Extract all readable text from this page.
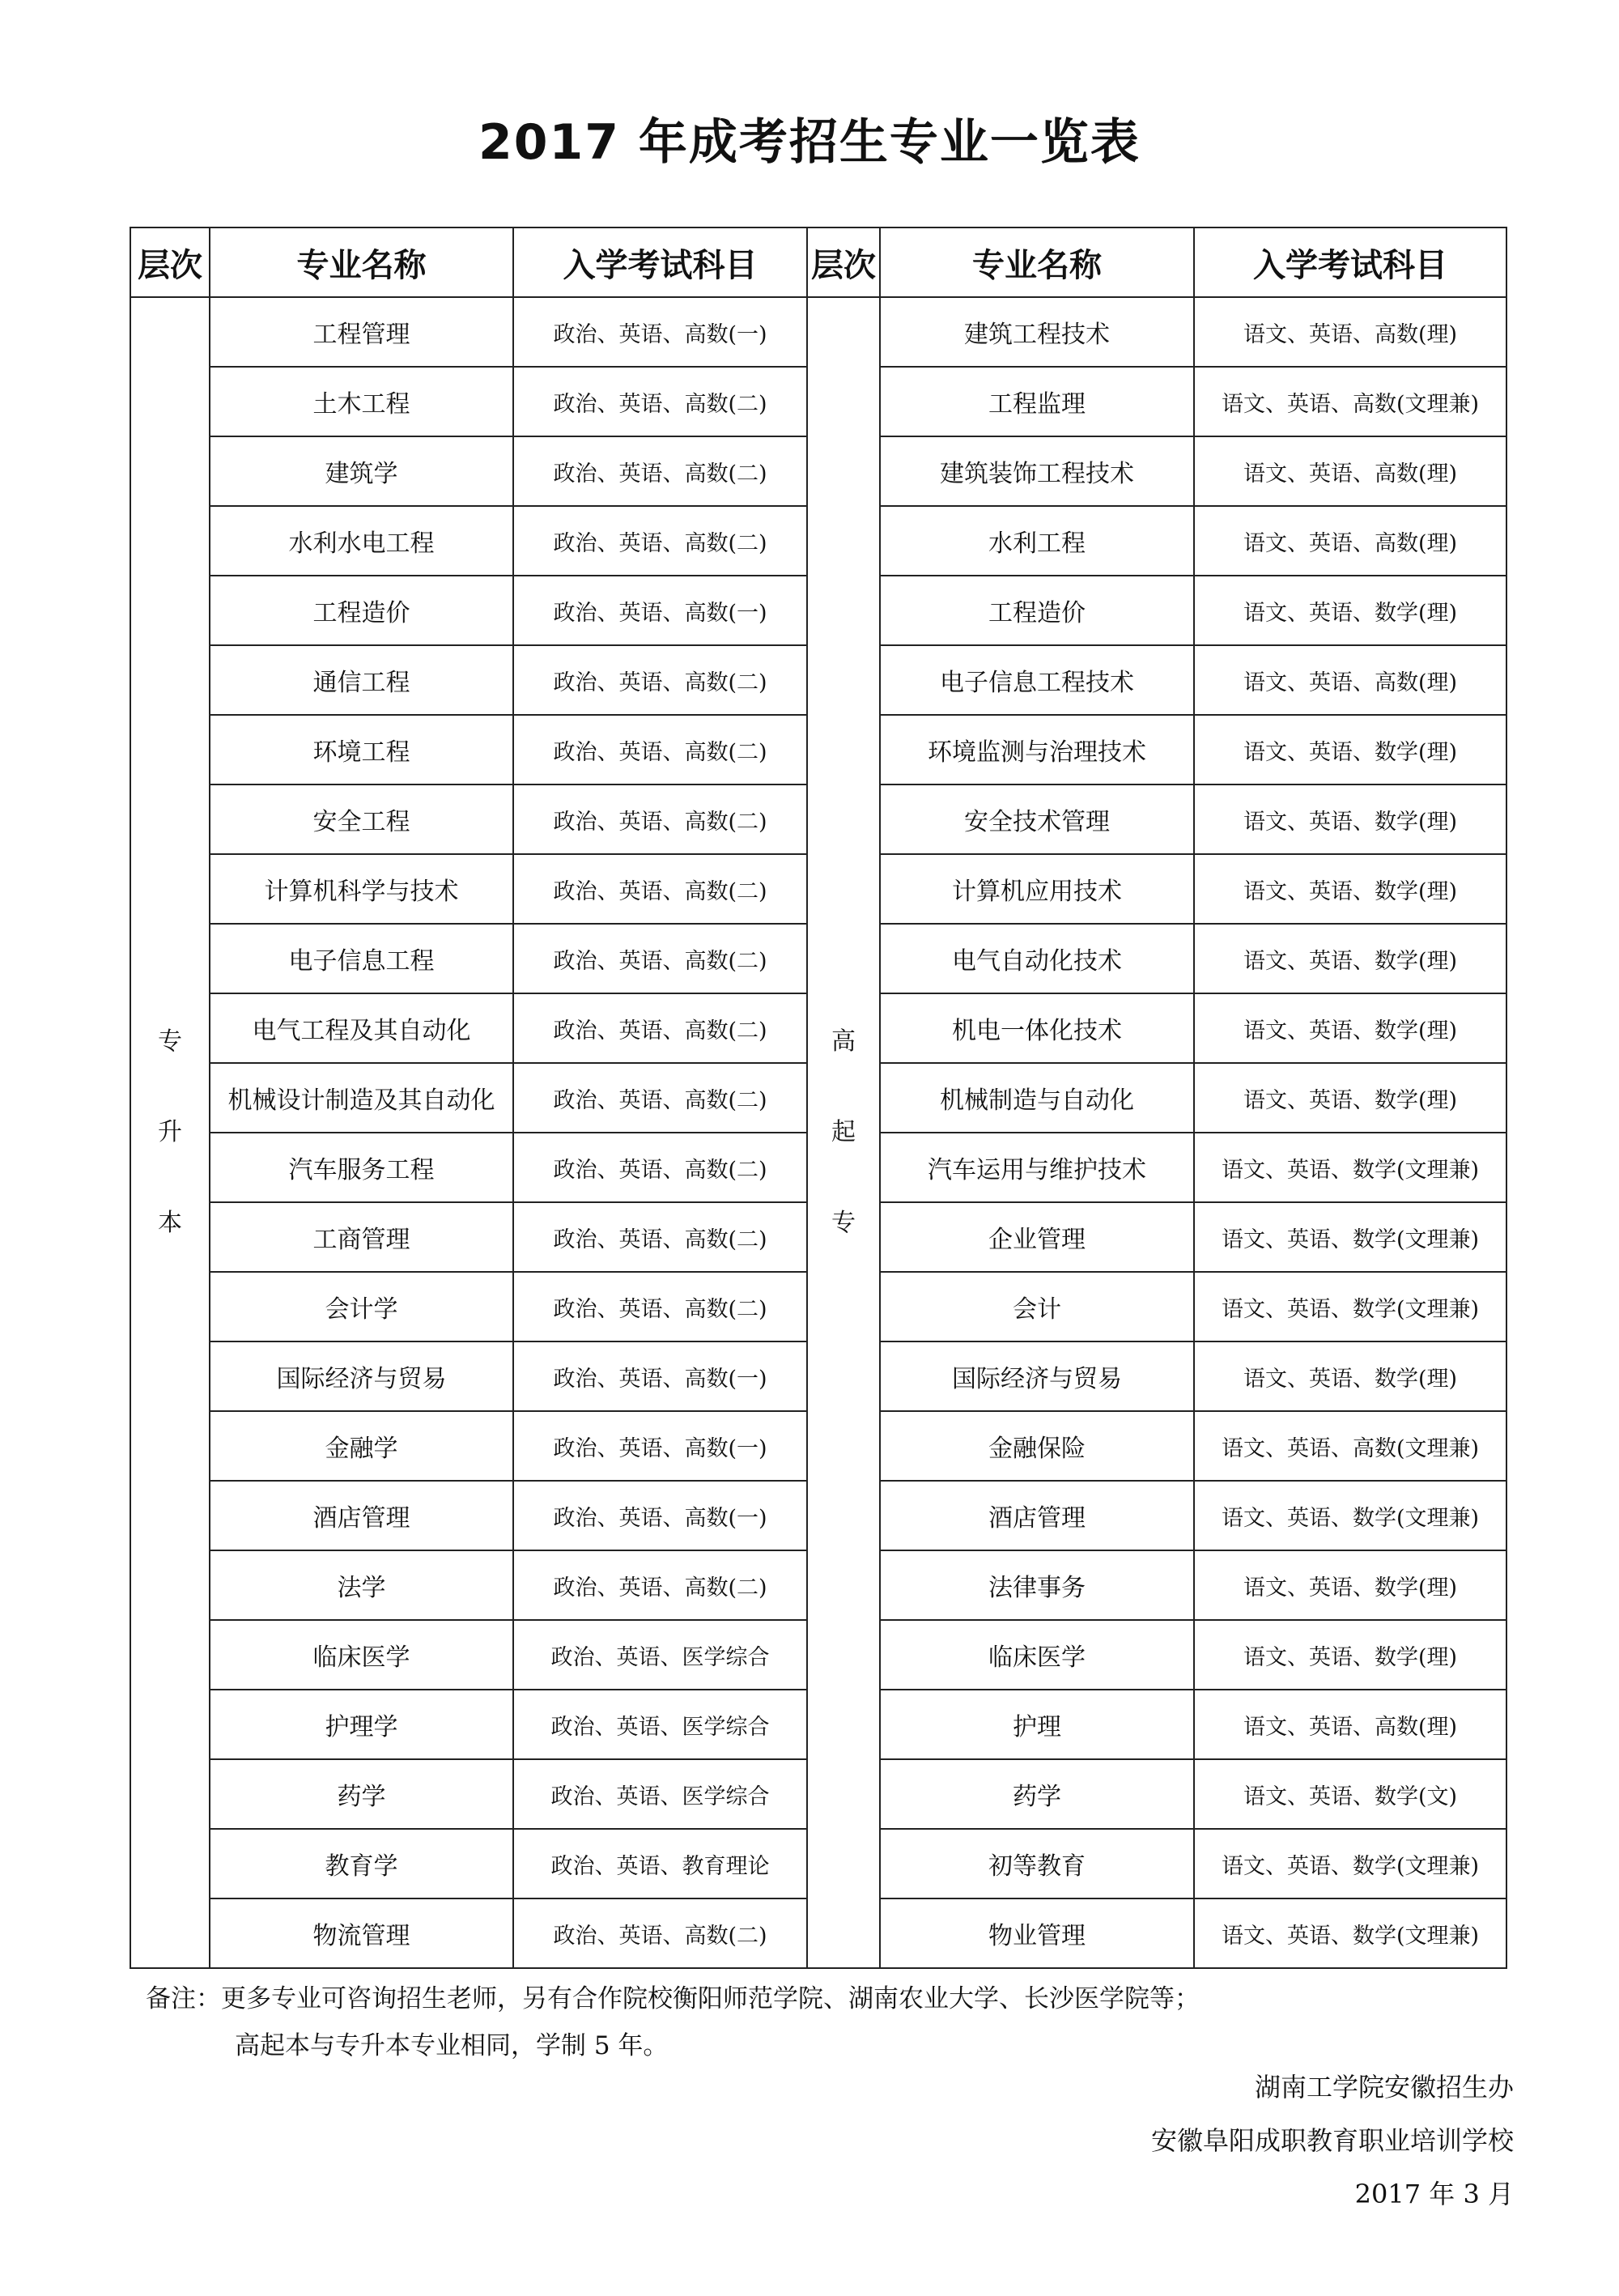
2017 年成考招生专业一览表
层次	专业名称	入学考试科目	层次	专业名称	入学考试科目
专升本	工程管理	政治、英语、高数(一)	高起专	建筑工程技术	语文、英语、高数(理)
	土木工程	政治、英语、高数(二)		工程监理	语文、英语、高数(文理兼)
	建筑学	政治、英语、高数(二)		建筑装饰工程技术	语文、英语、高数(理)
	水利水电工程	政治、英语、高数(二)		水利工程	语文、英语、高数(理)
	工程造价	政治、英语、高数(一)		工程造价	语文、英语、数学(理)
	通信工程	政治、英语、高数(二)		电子信息工程技术	语文、英语、高数(理)
	环境工程	政治、英语、高数(二)		环境监测与治理技术	语文、英语、数学(理)
	安全工程	政治、英语、高数(二)		安全技术管理	语文、英语、数学(理)
	计算机科学与技术	政治、英语、高数(二)		计算机应用技术	语文、英语、数学(理)
	电子信息工程	政治、英语、高数(二)		电气自动化技术	语文、英语、数学(理)
	电气工程及其自动化	政治、英语、高数(二)		机电一体化技术	语文、英语、数学(理)
	机械设计制造及其自动化	政治、英语、高数(二)		机械制造与自动化	语文、英语、数学(理)
	汽车服务工程	政治、英语、高数(二)		汽车运用与维护技术	语文、英语、数学(文理兼)
	工商管理	政治、英语、高数(二)		企业管理	语文、英语、数学(文理兼)
	会计学	政治、英语、高数(二)		会计	语文、英语、数学(文理兼)
	国际经济与贸易	政治、英语、高数(一)		国际经济与贸易	语文、英语、数学(理)
	金融学	政治、英语、高数(一)		金融保险	语文、英语、高数(文理兼)
	酒店管理	政治、英语、高数(一)		酒店管理	语文、英语、数学(文理兼)
	法学	政治、英语、高数(二)		法律事务	语文、英语、数学(理)
	临床医学	政治、英语、医学综合		临床医学	语文、英语、数学(理)
	护理学	政治、英语、医学综合		护理	语文、英语、高数(理)
	药学	政治、英语、医学综合		药学	语文、英语、数学(文)
	教育学	政治、英语、教育理论		初等教育	语文、英语、数学(文理兼)
	物流管理	政治、英语、高数(二)		物业管理	语文、英语、数学(文理兼)
备注：更多专业可咨询招生老师，另有合作院校衡阳师范学院、湖南农业大学、长沙医学院等；
高起本与专升本专业相同，学制 5 年。
湖南工学院安徽招生办
安徽阜阳成职教育职业培训学校
2017 年 3 月
